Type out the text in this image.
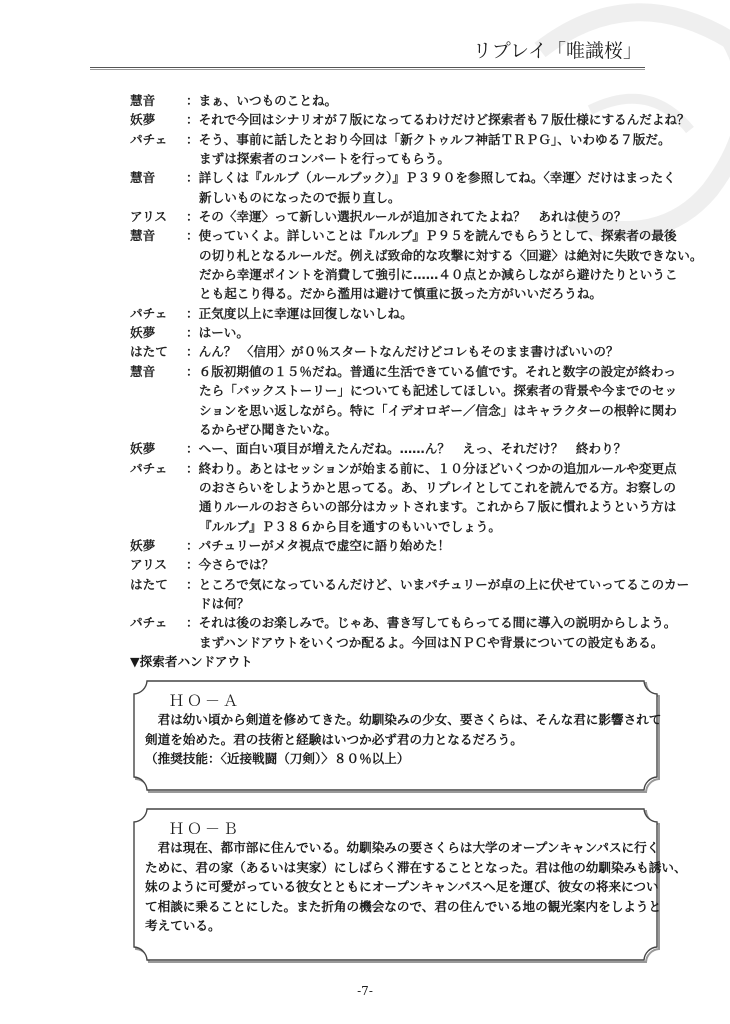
リプレイ「唯識桜」
慧音	：まぁ、いつものことね。
妖夢	：それで今回はシナリオが７版になってるわけだけど探索者も７版仕様にするんだよね？
パチェ	：そう、事前に話したとおり今回は「新クトゥルフ神話ＴＲＰＧ」、いわゆる７版だ。
まずは探索者のコンバートを行ってもらう。
慧音	：詳しくは『ルルブ（ルールブック）』Ｐ３９０を参照してね。〈幸運〉だけはまったく
新しいものになったので振り直し。
アリス	：その〈幸運〉って新しい選択ルールが追加されてたよね？　あれは使うの？
慧音	：使っていくよ。詳しいことは『ルルブ』Ｐ９５を読んでもらうとして、探索者の最後
の切り札となるルールだ。例えば致命的な攻撃に対する〈回避〉は絶対に失敗できない。
だから幸運ポイントを消費して強引に……４０点とか減らしながら避けたりというこ
とも起こり得る。だから濫用は避けて慎重に扱った方がいいだろうね。
パチェ	：正気度以上に幸運は回復しないしね。
妖夢	：はーい。
はたて	：んん？ 〈信用〉が０％スタートなんだけどコレもそのまま書けばいいの？
慧音	：６版初期値の１５％だね。普通に生活できている値です。それと数字の設定が終わっ
たら「バックストーリー」についても記述してほしい。探索者の背景や今までのセッ
ションを思い返しながら。特に「イデオロギー／信念」はキャラクターの根幹に関わ
るからぜひ聞きたいな。
妖夢	：へー、面白い項目が増えたんだね。……ん？　えっ、それだけ？　終わり？
パチェ	：終わり。あとはセッションが始まる前に、１０分ほどいくつかの追加ルールや変更点
のおさらいをしようかと思ってる。あ、リプレイとしてこれを読んでる方。お察しの
通りルールのおさらいの部分はカットされます。これから７版に慣れようという方は
『ルルブ』Ｐ３８６から目を通すのもいいでしょう。
妖夢	：パチュリーがメタ視点で虚空に語り始めた！
アリス	：今さらでは？
はたて	：ところで気になっているんだけど、いまパチュリーが卓の上に伏せていってるこのカー
ドは何？
パチェ	：それは後のお楽しみで。じゃあ、書き写してもらってる間に導入の説明からしよう。
まずハンドアウトをいくつか配るよ。今回はＮＰＣや背景についての設定もある。
▼探索者ハンドアウト
ＨＯ－Ａ
　君は幼い頃から剣道を修めてきた。幼馴染みの少女、要さくらは、そんな君に影響されて
剣道を始めた。君の技術と経験はいつか必ず君の力となるだろう。
（推奨技能：〈近接戦闘（刀剣）〉８０％以上）
ＨＯ－Ｂ
　君は現在、都市部に住んでいる。幼馴染みの要さくらは大学のオープンキャンパスに行く
ために、君の家（あるいは実家）にしばらく滞在することとなった。君は他の幼馴染みも誘い、
妹のように可愛がっている彼女とともにオープンキャンパスへ足を運び、彼女の将来につい
て相談に乗ることにした。また折角の機会なので、君の住んでいる地の観光案内をしようと
考えている。
-7-
